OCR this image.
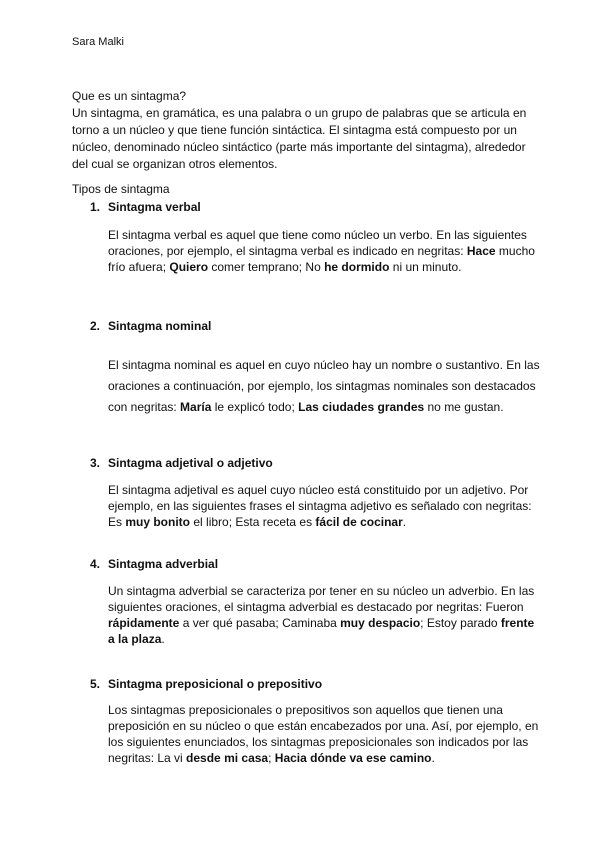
Sara Malki

Que es un sintagma?

Un sintagma, en gramática, es una palabra o un grupo de palabras que se articula en torno a un núcleo y que tiene función sintáctica. El sintagma está compuesto por un núcleo, denominado núcleo sintáctico (parte más importante del sintagma), alrededor del cual se organizan otros elementos.

Tipos de sintagma
1. Sintagma verbal

El sintagma verbal es aquel que tiene como núcleo un verbo. En las siguientes oraciones, por ejemplo, el sintagma verbal es indicado en negritas: Hace mucho frío afuera; Quiero comer temprano; No he dormido ni un minuto.

2. Sintagma nominal

El sintagma nominal es aquel en cuyo núcleo hay un nombre o sustantivo. En las oraciones a continuación, por ejemplo, los sintagmas nominales son destacados con negritas: María le explicó todo; Las ciudades grandes no me gustan.

3. Sintagma adjetival o adjetivo

El sintagma adjetival es aquel cuyo núcleo está constituido por un adjetivo. Por ejemplo, en las siguientes frases el sintagma adjetivo es señalado con negritas: Es muy bonito el libro; Esta receta es fácil de cocinar.

4. Sintagma adverbial

Un sintagma adverbial se caracteriza por tener en su núcleo un adverbio. En las siguientes oraciones, el sintagma adverbial es destacado por negritas: Fueron rápidamente a ver qué pasaba; Caminaba muy despacio; Estoy parado frente a la plaza.

5. Sintagma preposicional o prepositivo

Los sintagmas preposicionales o prepositivos son aquellos que tienen una preposición en su núcleo o que están encabezados por una. Así, por ejemplo, en los siguientes enunciados, los sintagmas preposicionales son indicados por las negritas: La vi desde mi casa; Hacia dónde va ese camino.
